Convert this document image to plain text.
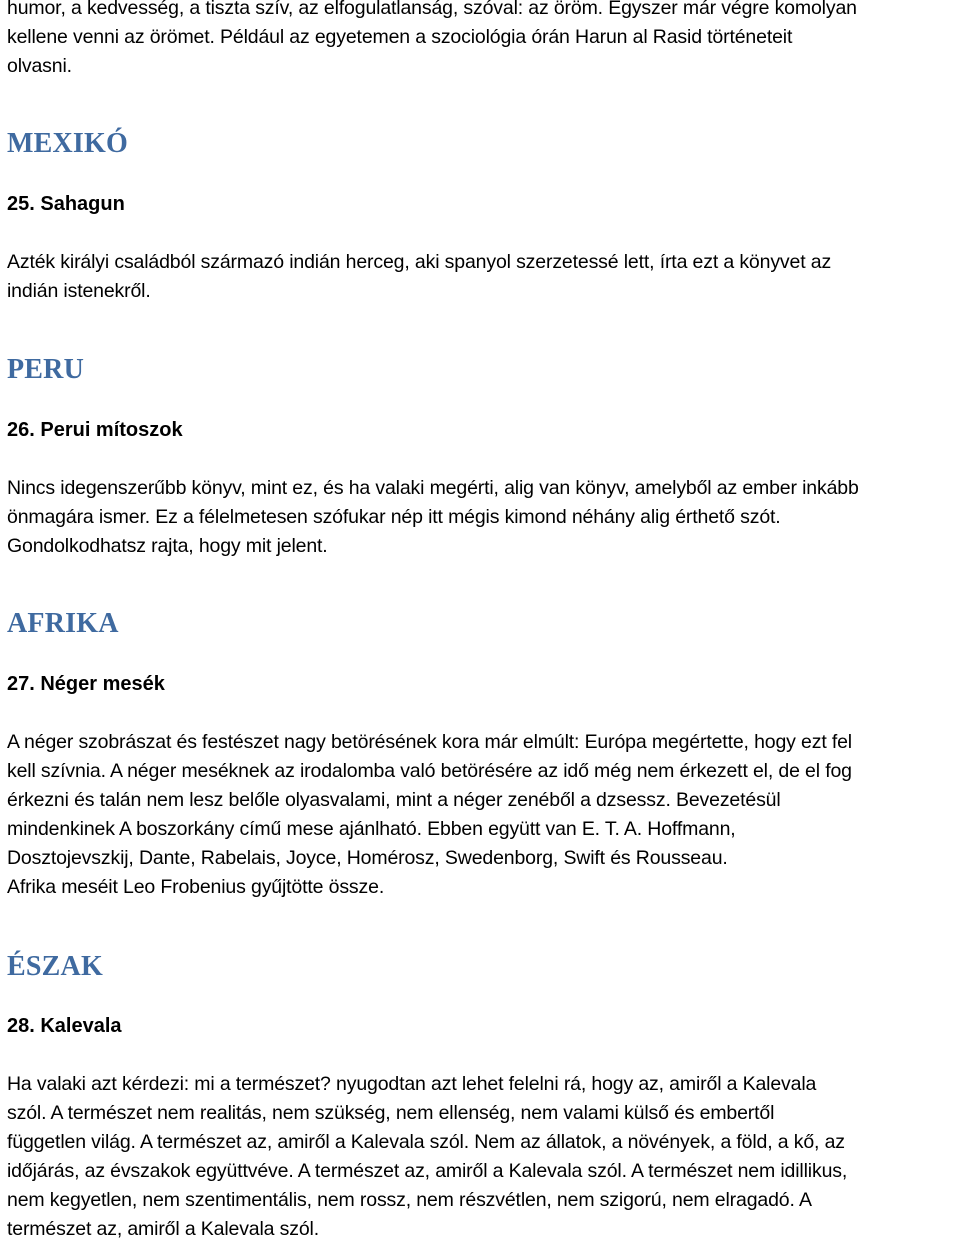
humor, a kedvesség, a tiszta szív, az elfogulatlanság, szóval: az öröm. Egyszer már végre komolyan
kellene venni az örömet. Például az egyetemen a szociológia órán Harun al Rasid történeteit
olvasni.

MEXIKÓ
25. Sahagun

Azték királyi családból származó indián herceg, aki spanyol szerzetessé lett, írta ezt a könyvet az
indián istenekről.

PERU
26. Perui mítoszok

Nincs idegenszerűbb könyv, mint ez, és ha valaki megérti, alig van könyv, amelyből az ember inkább
önmagára ismer. Ez a félelmetesen szófukar nép itt mégis kimond néhány alig érthető szót.
Gondolkodhatsz rajta, hogy mit jelent.

AFRIKA
27. Néger mesék

A néger szobrászat és festészet nagy betörésének kora már elmúlt: Európa megértette, hogy ezt fel
kell szívnia. A néger meséknek az irodalomba való betörésére az idő még nem érkezett el, de el fog
érkezni és talán nem lesz belőle olyasvalami, mint a néger zenéből a dzsessz. Bevezetésül
mindenkinek A boszorkány című mese ajánlható. Ebben együtt van E. T. A. Hoffmann,
Dosztojevszkij, Dante, Rabelais, Joyce, Homérosz, Swedenborg, Swift és Rousseau.
Afrika meséit Leo Frobenius gyűjtötte össze.

ÉSZAK
28. Kalevala

Ha valaki azt kérdezi: mi a természet? nyugodtan azt lehet felelni rá, hogy az, amiről a Kalevala
szól. A természet nem realitás, nem szükség, nem ellenség, nem valami külső és embertől
független világ. A természet az, amiről a Kalevala szól. Nem az állatok, a növények, a föld, a kő, az
időjárás, az évszakok együttvéve. A természet az, amiről a Kalevala szól. A természet nem idillikus,
nem kegyetlen, nem szentimentális, nem rossz, nem részvétlen, nem szigorú, nem elragadó. A
természet az, amiről a Kalevala szól.
